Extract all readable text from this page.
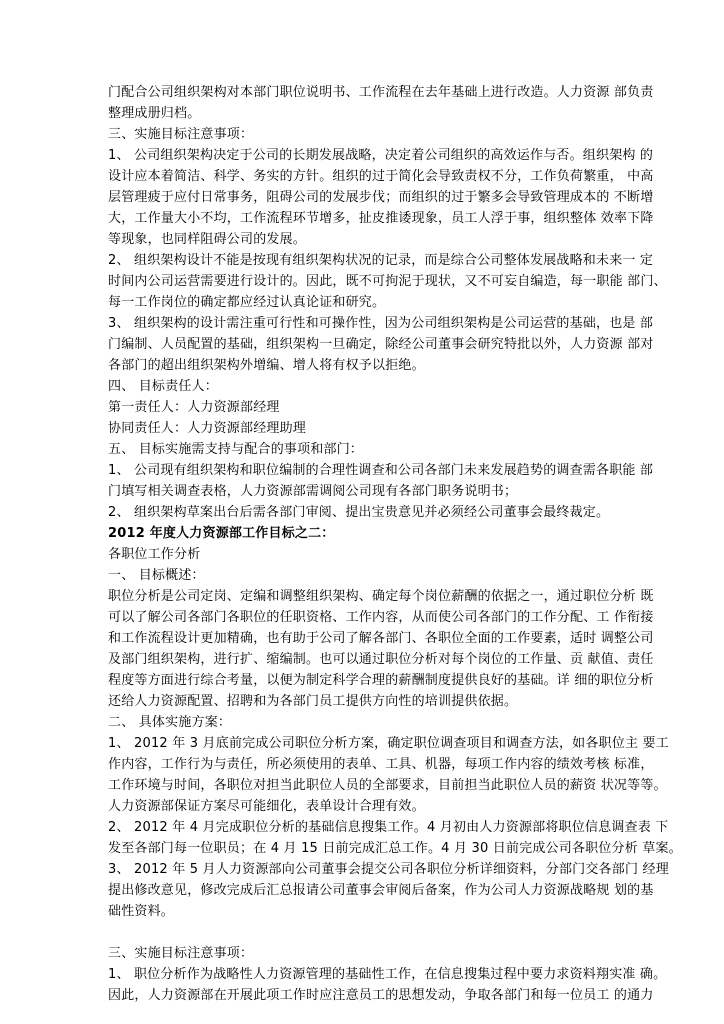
门配合公司组织架构对本部门职位说明书、工作流程在去年基础上进行改造。人力资源 部负责

整理成册归档。

三、实施目标注意事项：

1、 公司组织架构决定于公司的长期发展战略，决定着公司组织的高效运作与否。组织架构 的

设计应本着简洁、科学、务实的方针。组织的过于简化会导致责权不分，工作负荷繁重， 中高

层管理疲于应付日常事务，阻碍公司的发展步伐；而组织的过于繁多会导致管理成本的 不断增

大，工作量大小不均，工作流程环节增多，扯皮推诿现象，员工人浮于事，组织整体 效率下降

等现象，也同样阻碍公司的发展。

2、 组织架构设计不能是按现有组织架构状况的记录，而是综合公司整体发展战略和未来一 定

时间内公司运营需要进行设计的。因此，既不可拘泥于现状，又不可妄自编造，每一职能 部门、

每一工作岗位的确定都应经过认真论证和研究。

3、 组织架构的设计需注重可行性和可操作性，因为公司组织架构是公司运营的基础，也是 部

门编制、人员配置的基础，组织架构一旦确定，除经公司董事会研究特批以外，人力资源 部对

各部门的超出组织架构外增编、增人将有权予以拒绝。

四、 目标责任人：

第一责任人：人力资源部经理

协同责任人：人力资源部经理助理

五、 目标实施需支持与配合的事项和部门：

1、 公司现有组织架构和职位编制的合理性调查和公司各部门未来发展趋势的调查需各职能 部

门填写相关调查表格，人力资源部需调阅公司现有各部门职务说明书；

2、 组织架构草案出台后需各部门审阅、提出宝贵意见并必须经公司董事会最终裁定。

2012 年度人力资源部工作目标之二：

各职位工作分析

一、 目标概述：

职位分析是公司定岗、定编和调整组织架构、确定每个岗位薪酬的依据之一，通过职位分析 既

可以了解公司各部门各职位的任职资格、工作内容，从而使公司各部门的工作分配、工 作衔接

和工作流程设计更加精确，也有助于公司了解各部门、各职位全面的工作要素，适时 调整公司

及部门组织架构，进行扩、缩编制。也可以通过职位分析对每个岗位的工作量、贡 献值、责任

程度等方面进行综合考量，以便为制定科学合理的薪酬制度提供良好的基础。详 细的职位分析

还给人力资源配置、招聘和为各部门员工提供方向性的培训提供依据。

二、 具体实施方案：

1、 2012 年 3 月底前完成公司职位分析方案，确定职位调查项目和调查方法，如各职位主 要工

作内容，工作行为与责任，所必须使用的表单、工具、机器，每项工作内容的绩效考核 标准，

工作环境与时间，各职位对担当此职位人员的全部要求，目前担当此职位人员的薪资 状况等等。

人力资源部保证方案尽可能细化，表单设计合理有效。

2、 2012 年 4 月完成职位分析的基础信息搜集工作。4 月初由人力资源部将职位信息调查表 下

发至各部门每一位职员；在 4 月 15 日前完成汇总工作。4 月 30 日前完成公司各职位分析 草案。

3、 2012 年 5 月人力资源部向公司董事会提交公司各职位分析详细资料，分部门交各部门 经理

提出修改意见，修改完成后汇总报请公司董事会审阅后备案，作为公司人力资源战略规 划的基

础性资料。

三、实施目标注意事项：

1、 职位分析作为战略性人力资源管理的基础性工作，在信息搜集过程中要力求资料翔实准 确。

因此，人力资源部在开展此项工作时应注意员工的思想发动，争取各部门和每一位员工 的通力
